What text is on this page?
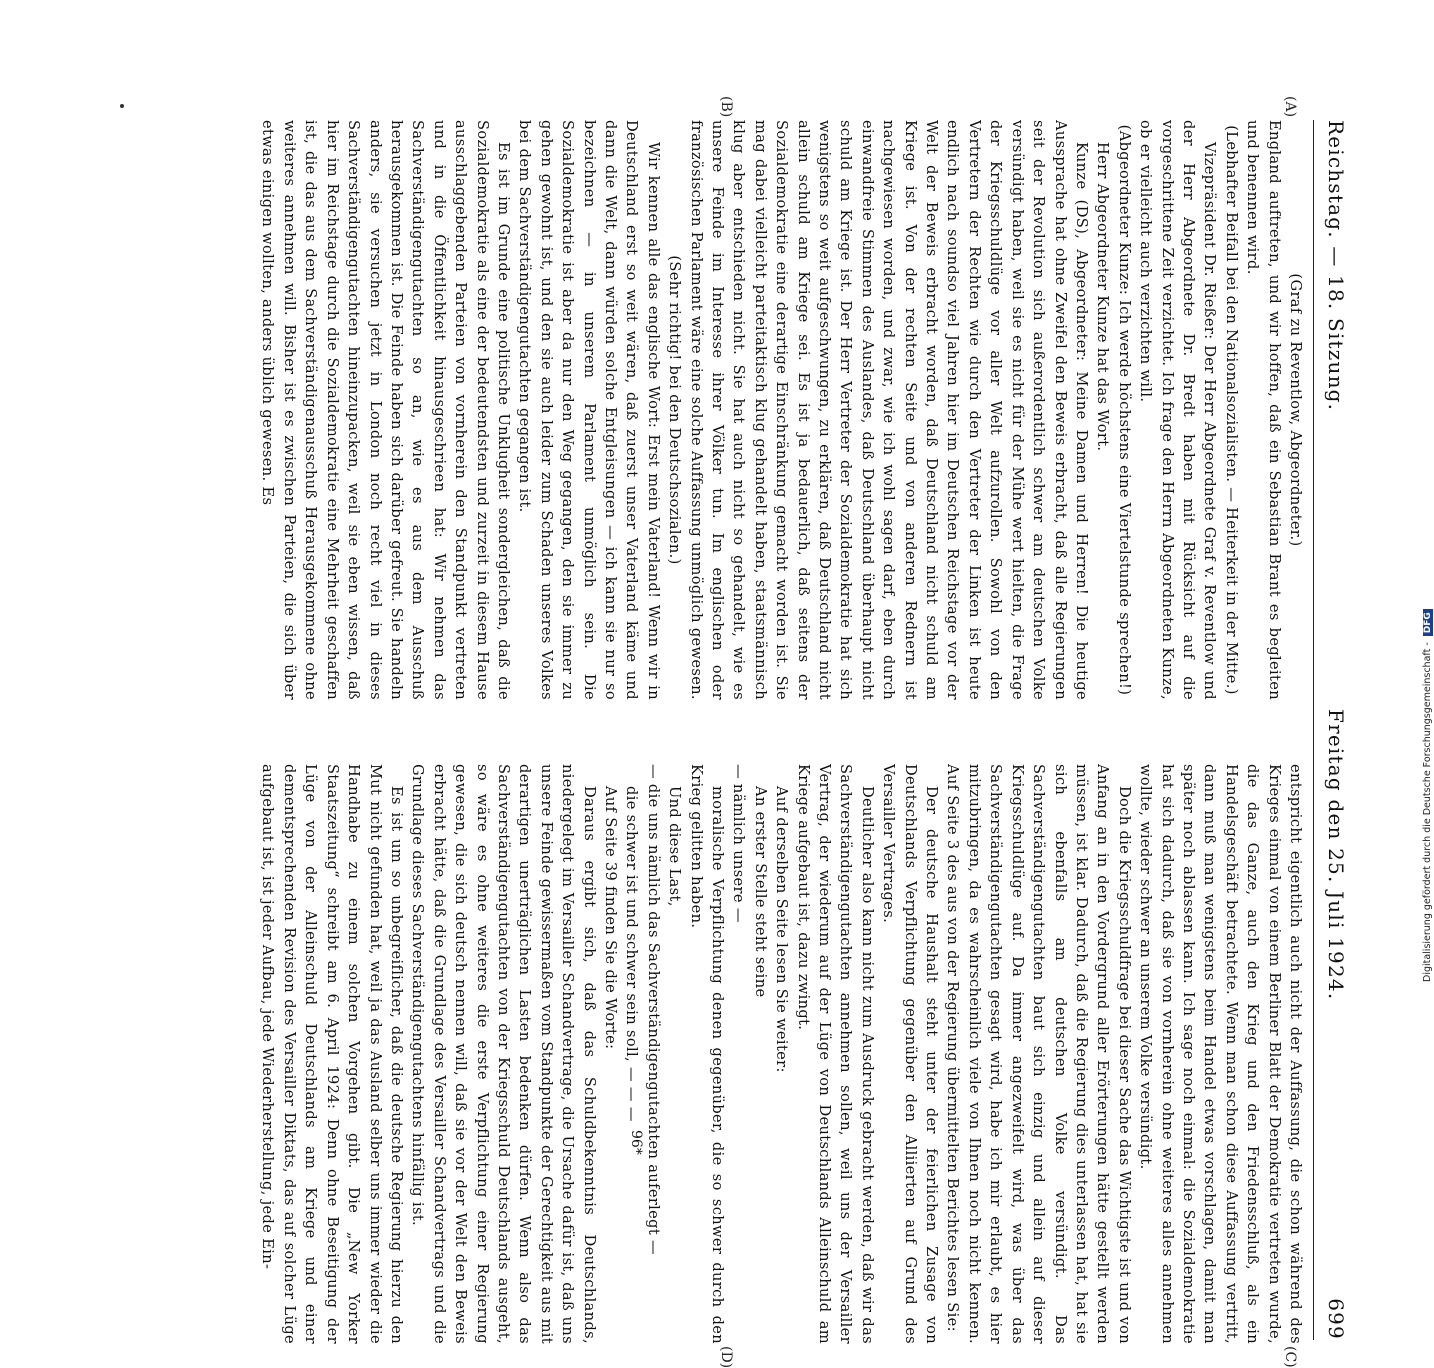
Reichstag. — 18. Sitzung.
Freitag den 25. Juli 1924.
699
(A)
(B)
(C)
(D)

(Graf zu Reventlow, Abgeordneter.)

England auftreten, und wir hoffen, daß ein Sebastian Brant es begleiten und benennen wird.

(Lebhafter Beifall bei den Nationalsozialisten. — Heiterkeit in der Mitte.)

Vizepräsident Dr. Rießer: Der Herr Abgeordnete Graf v. Reventlow und der Herr Abgeordnete Dr. Bredt haben mit Rücksicht auf die vorgeschrittene Zeit verzichtet. Ich frage den Herrn Abgeordneten Kunze, ob er vielleicht auch verzichten will.

(Abgeordneter Kunze: Ich werde höchstens eine Viertelstunde sprechen!)

Herr Abgeordneter Kunze hat das Wort.

Kunze (DS), Abgeordneter: Meine Damen und Herren! Die heutige Aussprache hat ohne Zweifel den Beweis erbracht, daß alle Regierungen seit der Revolution sich außerordentlich schwer am deutschen Volke versündigt haben, weil sie es nicht für der Mühe wert hielten, die Frage der Kriegsschuldlüge vor aller Welt aufzurollen. Sowohl von den Vertretern der Rechten wie durch den Vertreter der Linken ist heute endlich nach soundso viel Jahren hier im Deutschen Reichstage vor der Welt der Beweis erbracht worden, daß Deutschland nicht schuld am Kriege ist. Von der rechten Seite und von anderen Rednern ist nachgewiesen worden, und zwar, wie ich wohl sagen darf, eben durch einwandfreie Stimmen des Auslandes, daß Deutschland überhaupt nicht schuld am Kriege ist. Der Herr Vertreter der Sozialdemokratie hat sich wenigstens so weit aufgeschwungen, zu erklären, daß Deutschland nicht allein schuld am Kriege sei. Es ist ja bedauerlich, daß seitens der Sozialdemokratie eine derartige Einschränkung gemacht worden ist. Sie mag dabei vielleicht parteitaktisch klug gehandelt haben, staatsmännisch klug aber entschieden nicht. Sie hat auch nicht so gehandelt, wie es unsere Feinde im Interesse ihrer Völker tun. Im englischen oder französischen Parlament wäre eine solche Auffassung unmöglich gewesen.

(Sehr richtig! bei den Deutschsozialen.)

Wir kennen alle das englische Wort: Erst mein Vaterland! Wenn wir in Deutschland erst so weit wären, daß zuerst unser Vaterland käme und dann die Welt, dann würden solche Entgleisungen — ich kann sie nur so bezeichnen — in unserem Parlament unmöglich sein. Die Sozialdemokratie ist aber da nur den Weg gegangen, den sie immer zu gehen gewohnt ist, und den sie auch leider zum Schaden unseres Volkes bei dem Sachverständigengutachten gegangen ist.

Es ist im Grunde eine politische Unklugheit sondergleichen, daß die Sozialdemokratie als eine der bedeutendsten und zurzeit in diesem Hause ausschlaggebenden Parteien von vornherein den Standpunkt vertreten und in die Öffentlichkeit hinausgeschrieen hat: Wir nehmen das Sachverständigengutachten so an, wie es aus dem Ausschuß herausgekommen ist. Die Feinde haben sich darüber gefreut. Sie handeln anders, sie versuchen jetzt in London noch recht viel in dieses Sachverständigengutachten hineinzupacken, weil sie eben wissen, daß hier im Reichstage durch die Sozialdemokratie eine Mehrheit geschaffen ist, die das aus dem Sachverständigenausschuß Herausgekommene ohne weiteres annehmen will. Bisher ist es zwischen Parteien, die sich über etwas einigen wollten, anders üblich gewesen. Es

entspricht eigentlich auch nicht der Auffassung, die schon während des Krieges einmal von einem Berliner Blatt der Demokratie vertreten wurde, die das Ganze, auch den Krieg und den Friedensschluß, als ein Handelsgeschäft betrachtete. Wenn man schon diese Auffassung vertritt, dann muß man wenigstens beim Handel etwas vorschlagen, damit man später noch ablassen kann. Ich sage noch einmal: die Sozialdemokratie hat sich dadurch, daß sie von vornherein ohne weiteres alles annehmen wollte, wieder schwer an unserem Volke versündigt.

Doch die Kriegsschuldfrage bei dieser Sache das Wichtigste ist und von Anfang an in den Vordergrund aller Erörterungen hätte gestellt werden müssen, ist klar. Dadurch, daß die Regierung dies unterlassen hat, hat sie sich ebenfalls am deutschen Volke versündigt. Das Sachverständigengutachten baut sich einzig und allein auf dieser Kriegsschuldlüge auf. Da immer angezweifelt wird, was über das Sachverständigengutachten gesagt wird, habe ich mir erlaubt, es hier mitzubringen, da es wahrscheinlich viele von Ihnen noch nicht kennen. Auf Seite 3 des aus von der Regierung übermittelten Berichtes lesen Sie:

Der deutsche Haushalt steht unter der feierlichen Zusage von Deutschlands Verpflichtung gegenüber den Alliierten auf Grund des Versailler Vertrages.

Deutlicher also kann nicht zum Ausdruck gebracht werden, daß wir das Sachverständigengutachten annehmen sollen, weil uns der Versailler Vertrag, der wiederum auf der Lüge von Deutschlands Alleinschuld am Kriege aufgebaut ist, dazu zwingt.

Auf derselben Seite lesen Sie weiter:

An erster Stelle steht seine

— nämlich unsere —

moralische Verpflichtung denen gegenüber, die so schwer durch den Krieg gelitten haben.

Und diese Last,

— die uns nämlich das Sachverständigengutachten auferlegt —

die schwer ist und schwer sein soll, — — —

Auf Seite 39 finden Sie die Worte:

Daraus ergibt sich, daß das Schuldbekenntnis Deutschlands, niedergelegt im Versailler Schandvertrage, die Ursache dafür ist, daß uns unsere Feinde gewissermaßen vom Standpunkte der Gerechtigkeit aus mit derartigen unerträglichen Lasten bedenken dürfen. Wenn also das Sachverständigengutachten von der Kriegsschuld Deutschlands ausgeht, so wäre es ohne weiteres die erste Verpflichtung einer Regierung gewesen, die sich deutsch nennen will, daß sie vor der Welt den Beweis erbracht hätte, daß die Grundlage des Versailler Schandvertrags und die Grundlage dieses Sachverständigengutachtens hinfällig ist.

Es ist um so unbegreiflicher, daß die deutsche Regierung hierzu den Mut nicht gefunden hat, weil ja das Ausland selber uns immer wieder die Handhabe zu einem solchen Vorgehen gibt. Die „New Yorker Staatszeitung“ schreibt am 6. April 1924: Denn ohne Beseitigung der Lüge von der Alleinschuld Deutschlands am Kriege und einer dementsprechenden Revision des Versailler Diktats, das auf solcher Lüge aufgebaut ist, ist jeder Aufbau, jede Wiederherstellung, jede Ein-	96*
Digitalisierung gefördert durch die Deutsche Forschungsgemeinschaft - DFG
